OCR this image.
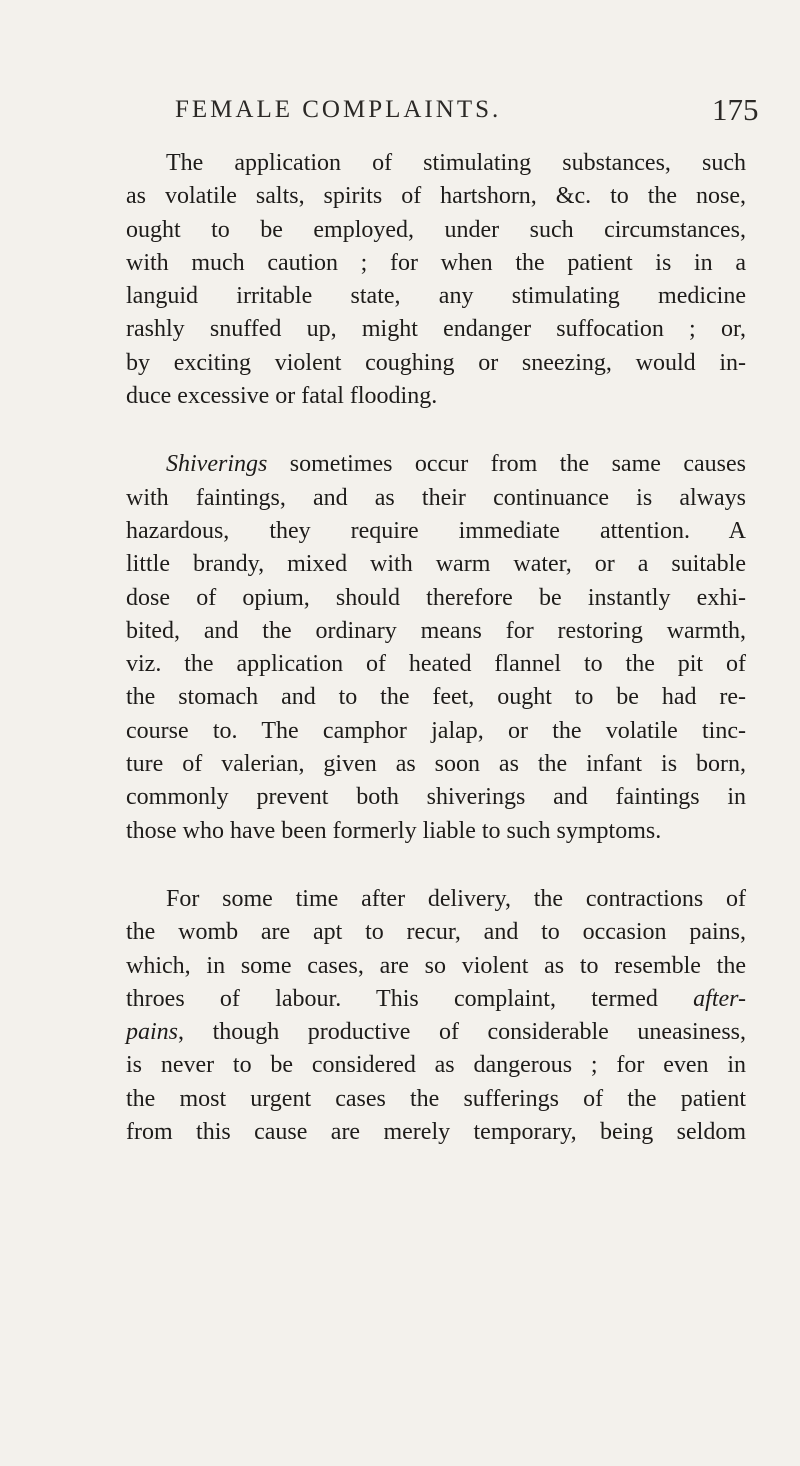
FEMALE COMPLAINTS.	175

The application of stimulating substances, such
as volatile salts, spirits of hartshorn, &c. to the nose,
ought to be employed, under such circumstances,
with much caution ; for when the patient is in a
languid irritable state, any stimulating medicine
rashly snuffed up, might endanger suffocation ; or,
by exciting violent coughing or sneezing, would in-
duce excessive or fatal flooding.

Shiverings sometimes occur from the same causes
with faintings, and as their continuance is always
hazardous, they require immediate attention. A
little brandy, mixed with warm water, or a suitable
dose of opium, should therefore be instantly exhi-
bited, and the ordinary means for restoring warmth,
viz. the application of heated flannel to the pit of
the stomach and to the feet, ought to be had re-
course to. The camphor jalap, or the volatile tinc-
ture of valerian, given as soon as the infant is born,
commonly prevent both shiverings and faintings in
those who have been formerly liable to such symptoms.

For some time after delivery, the contractions of
the womb are apt to recur, and to occasion pains,
which, in some cases, are so violent as to resemble the
throes of labour. This complaint, termed after-
pains, though productive of considerable uneasiness,
is never to be considered as dangerous ; for even in
the most urgent cases the sufferings of the patient
from this cause are merely temporary, being seldom
